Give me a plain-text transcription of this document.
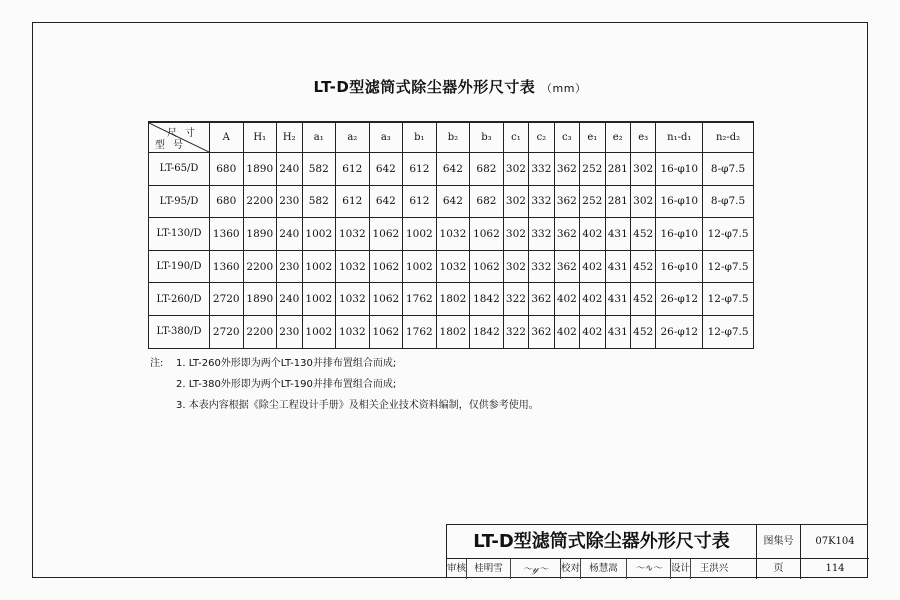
LT-D型滤筒式除尘器外形尺寸表 （mm）
尺寸
型号	A	H₁	H₂	a₁	a₂	a₃	b₁	b₂	b₃	c₁	c₂	c₃	e₁	e₂	e₃	n₁-d₁	n₂-d₂
LT-65/D	680	1890	240	582	612	642	612	642	682	302	332	362	252	281	302	16-φ10	8-φ7.5
LT-95/D	680	2200	230	582	612	642	612	642	682	302	332	362	252	281	302	16-φ10	8-φ7.5
LT-130/D	1360	1890	240	1002	1032	1062	1002	1032	1062	302	332	362	402	431	452	16-φ10	12-φ7.5
LT-190/D	1360	2200	230	1002	1032	1062	1002	1032	1062	302	332	362	402	431	452	16-φ10	12-φ7.5
LT-260/D	2720	1890	240	1002	1032	1062	1762	1802	1842	322	362	402	402	431	452	26-φ12	12-φ7.5
LT-380/D	2720	2200	230	1002	1032	1062	1762	1802	1842	322	362	402	402	431	452	26-φ12	12-φ7.5
注: 1. LT-260外形即为两个LT-130并排布置组合而成;
2. LT-380外形即为两个LT-190并排布置组合而成;
3. 本表内容根据《除尘工程设计手册》及相关企业技术资料编制，仅供参考使用。
LT-D型滤筒式除尘器外形尺寸表	图集号	07K104
审核 桂明雪	～𝓎～	校对 杨慧嵩	～∿～ 设计	王洪兴	页	114
